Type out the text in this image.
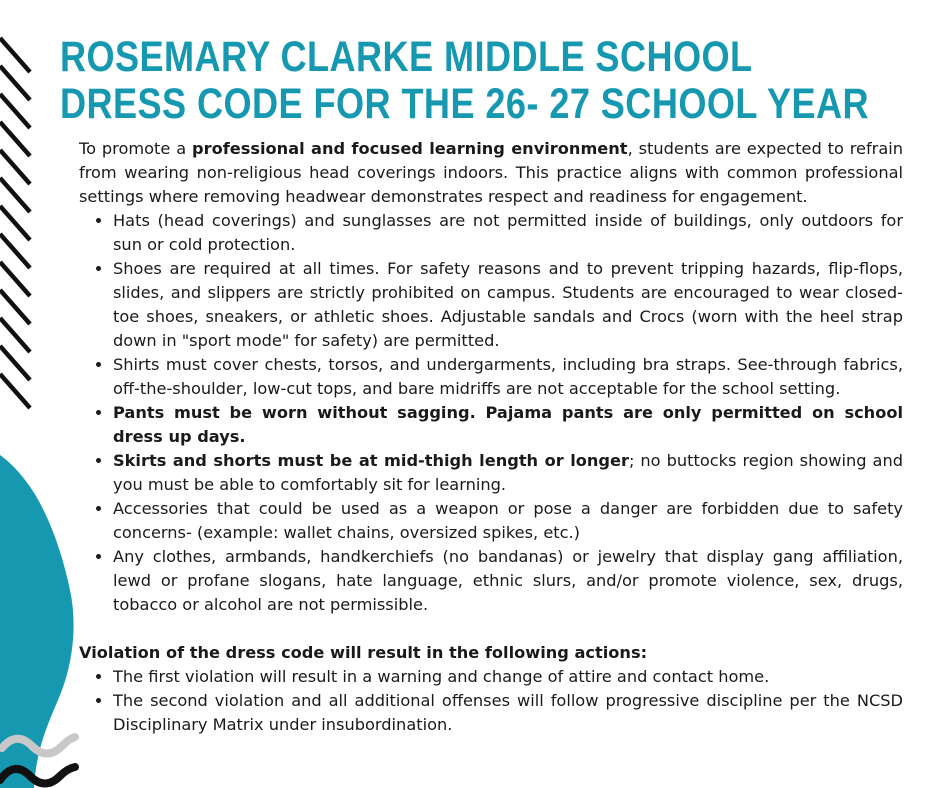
ROSEMARY CLARKE MIDDLE SCHOOL
DRESS CODE FOR THE 26- 27 SCHOOL YEAR

To promote a professional and focused learning environment, students are expected to refrain from wearing non-religious head coverings indoors. This practice aligns with common professional settings where removing headwear demonstrates respect and readiness for engagement.

• Hats (head coverings) and sunglasses are not permitted inside of buildings, only outdoors for sun or cold protection.
• Shoes are required at all times. For safety reasons and to prevent tripping hazards, flip-flops, slides, and slippers are strictly prohibited on campus. Students are encouraged to wear closed-toe shoes, sneakers, or athletic shoes. Adjustable sandals and Crocs (worn with the heel strap down in "sport mode" for safety) are permitted.
• Shirts must cover chests, torsos, and undergarments, including bra straps. See-through fabrics, off-the-shoulder, low-cut tops, and bare midriffs are not acceptable for the school setting.
• Pants must be worn without sagging. Pajama pants are only permitted on school dress up days.
• Skirts and shorts must be at mid-thigh length or longer; no buttocks region showing and you must be able to comfortably sit for learning.
• Accessories that could be used as a weapon or pose a danger are forbidden due to safety concerns- (example: wallet chains, oversized spikes, etc.)
• Any clothes, armbands, handkerchiefs (no bandanas) or jewelry that display gang affiliation, lewd or profane slogans, hate language, ethnic slurs, and/or promote violence, sex, drugs, tobacco or alcohol are not permissible.

Violation of the dress code will result in the following actions:

• The first violation will result in a warning and change of attire and contact home.
• The second violation and all additional offenses will follow progressive discipline per the NCSD Disciplinary Matrix under insubordination.
